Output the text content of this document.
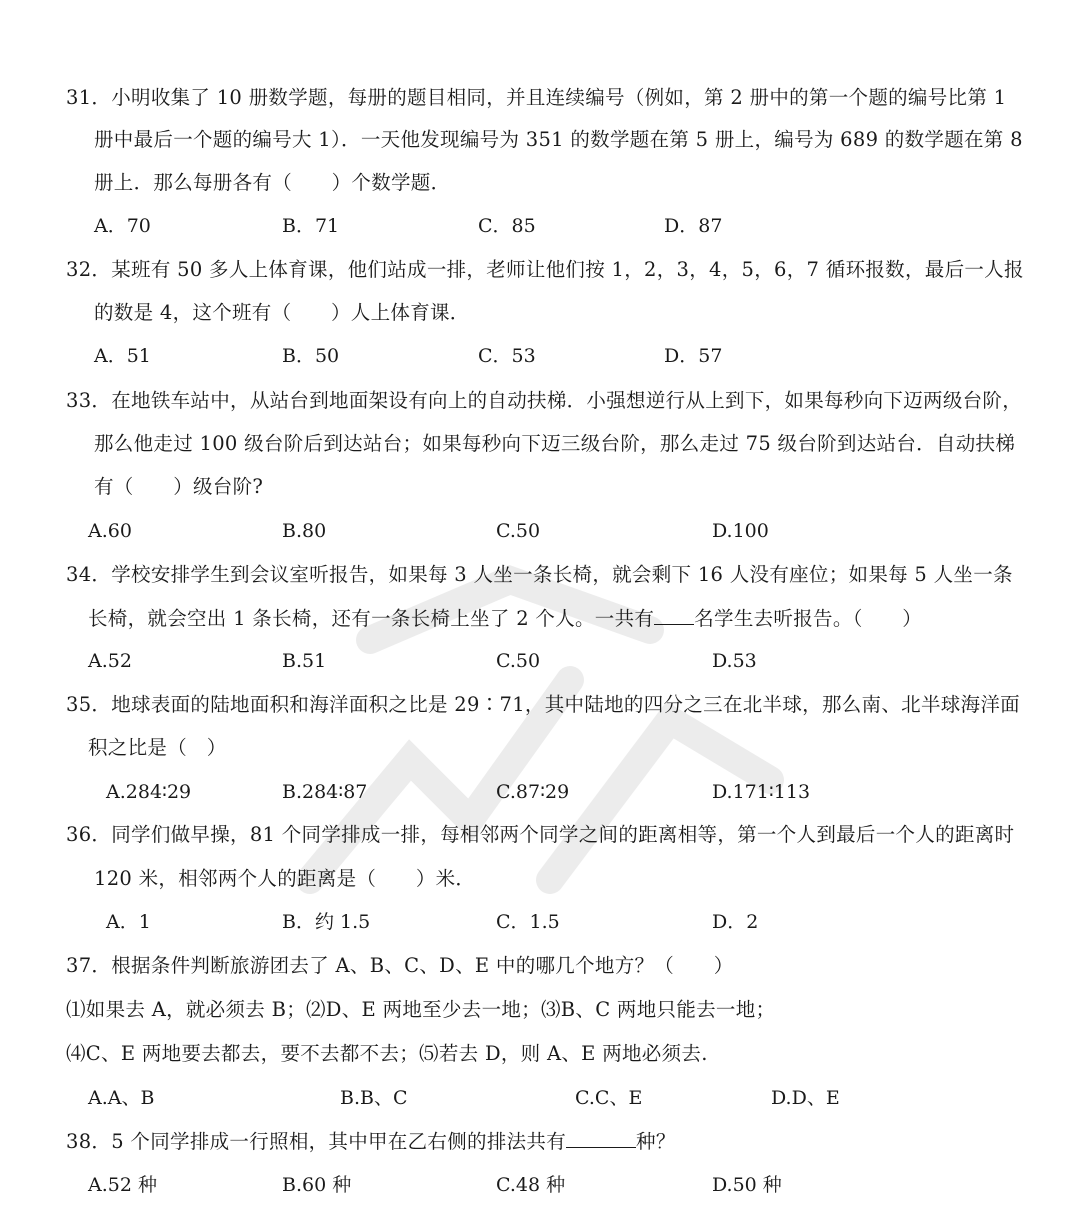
31．小明收集了 10 册数学题，每册的题目相同，并且连续编号（例如，第 2 册中的第一个题的编号比第 1
册中最后一个题的编号大 1）．一天他发现编号为 351 的数学题在第 5 册上，编号为 689 的数学题在第 8
册上．那么每册各有（　　）个数学题．
A．70	B．71	C．85	D．87
32．某班有 50 多人上体育课，他们站成一排，老师让他们按 1，2，3，4，5，6，7 循环报数，最后一人报
的数是 4，这个班有（　　）人上体育课．
A．51	B．50	C．53	D．57
33．在地铁车站中，从站台到地面架设有向上的自动扶梯．小强想逆行从上到下，如果每秒向下迈两级台阶，
那么他走过 100 级台阶后到达站台；如果每秒向下迈三级台阶，那么走过 75 级台阶到达站台．自动扶梯
有（　　）级台阶?
A.60	B.80	C.50	D.100
34．学校安排学生到会议室听报告，如果每 3 人坐一条长椅，就会剩下 16 人没有座位；如果每 5 人坐一条
长椅，就会空出 1 条长椅，还有一条长椅上坐了 2 个人。一共有 名学生去听报告。（　　）
A.52	B.51	C.50	D.53
35．地球表面的陆地面积和海洋面积之比是 29∶71，其中陆地的四分之三在北半球，那么南、北半球海洋面
积之比是（　）
A.284∶29	B.284∶87	C.87∶29	D.171∶113
36．同学们做早操，81 个同学排成一排，每相邻两个同学之间的距离相等，第一个人到最后一个人的距离时
120 米，相邻两个人的距离是（　　）米．
A．1	B．约 1.5	C．1.5	D．2
37．根据条件判断旅游团去了 A、B、C、D、E 中的哪几个地方？（　　）
⑴如果去 A，就必须去 B；⑵D、E 两地至少去一地；⑶B、C 两地只能去一地；
⑷C、E 两地要去都去，要不去都不去；⑸若去 D，则 A、E 两地必须去.
A.A、B	B.B、C	C.C、E	D.D、E
38．5 个同学排成一行照相，其中甲在乙右侧的排法共有	种？
A.52 种	B.60 种	C.48 种	D.50 种
